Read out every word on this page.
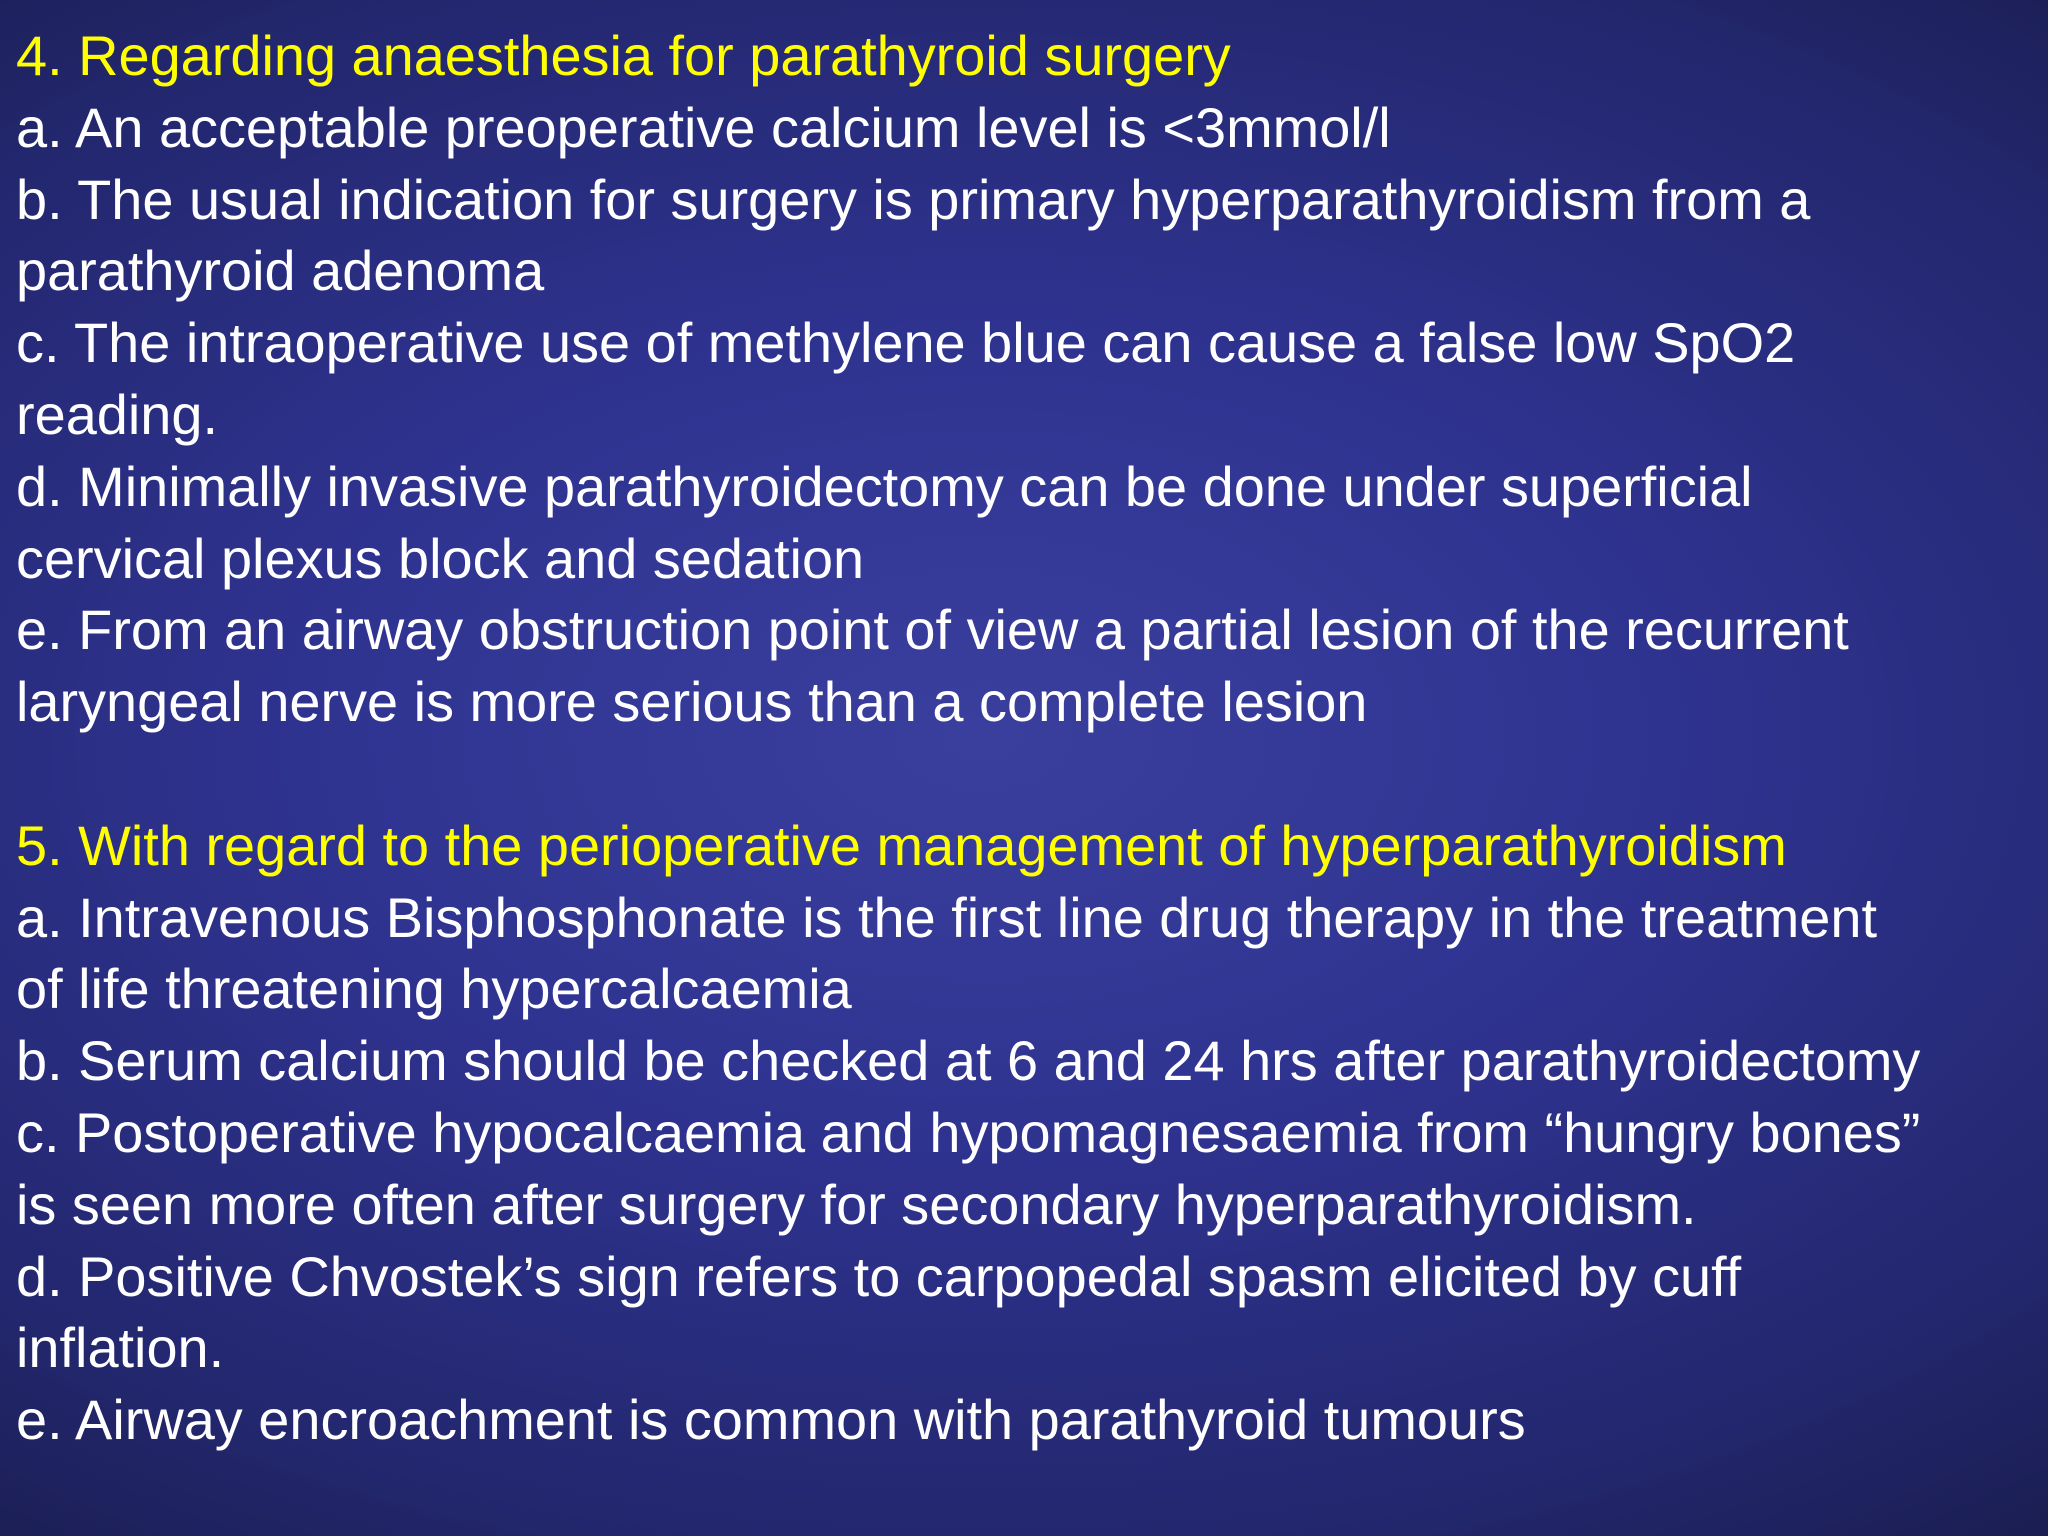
4. Regarding anaesthesia for parathyroid surgery
a. An acceptable preoperative calcium level is <3mmol/l
b. The usual indication for surgery is primary hyperparathyroidism from a
parathyroid adenoma
c. The intraoperative use of methylene blue can cause a false low SpO2
reading.
d. Minimally invasive parathyroidectomy can be done under superficial
cervical plexus block and sedation
e. From an airway obstruction point of view a partial lesion of the recurrent
laryngeal nerve is more serious than a complete lesion
5. With regard to the perioperative management of hyperparathyroidism
a. Intravenous Bisphosphonate is the first line drug therapy in the treatment
of life threatening hypercalcaemia
b. Serum calcium should be checked at 6 and 24 hrs after parathyroidectomy
c. Postoperative hypocalcaemia and hypomagnesaemia from “hungry bones”
is seen more often after surgery for secondary hyperparathyroidism.
d. Positive Chvostek’s sign refers to carpopedal spasm elicited by cuff
inflation.
e. Airway encroachment is common with parathyroid tumours
